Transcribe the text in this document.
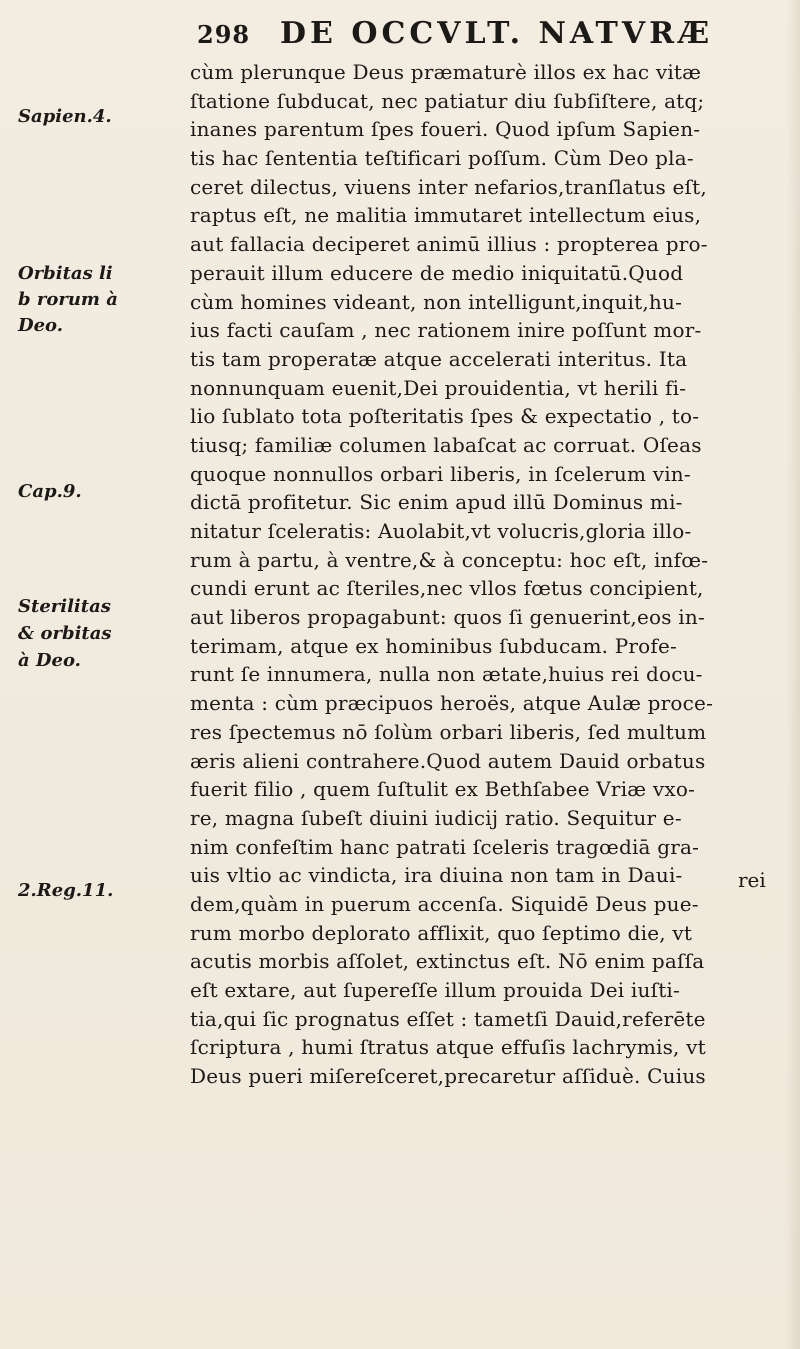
298 DE OCCVLT. NATVRÆ
Sapien.4.
Orbitas li
b rorum à
Deo.
Cap.9.
Sterilitas
& orbitas
à Deo.
2.Reg.11.
cùm plerunque Deus præmaturè illos ex hac vitæ
ſtatione ſubducat, nec patiatur diu ſubſiſtere, atq;
inanes parentum ſpes foueri. Quod ipſum Sapien-
tis hac ſententia teſtificari poſſum. Cùm Deo pla-
ceret dilectus, viuens inter nefarios,tranſlatus eſt,
raptus eſt, ne malitia immutaret intellectum eius,
aut fallacia deciperet animū illius : propterea pro-
perauit illum educere de medio iniquitatū.Quod
cùm homines videant, non intelligunt,inquit,hu-
ius facti cauſam , nec rationem inire poſſunt mor-
tis tam properatæ atque accelerati interitus. Ita
nonnunquam euenit,Dei prouidentia, vt herili fi-
lio ſublato tota poſteritatis ſpes & expectatio , to-
tiusq; familiæ columen labaſcat ac corruat. Oſeas
quoque nonnullos orbari liberis, in ſcelerum vin-
dictā profitetur. Sic enim apud illū Dominus mi-
nitatur ſceleratis: Auolabit,vt volucris,gloria illo-
rum à partu, à ventre,& à conceptu: hoc eſt, infœ-
cundi erunt ac ſteriles,nec vllos fœtus concipient,
aut liberos propagabunt: quos ſi genuerint,eos in-
terimam, atque ex hominibus ſubducam. Profe-
runt ſe innumera, nulla non ætate,huius rei docu-
menta : cùm præcipuos heroës, atque Aulæ proce-
res ſpectemus nō ſolùm orbari liberis, ſed multum
æris alieni contrahere.Quod autem Dauid orbatus
fuerit filio , quem ſuſtulit ex Bethſabee Vriæ vxo-
re, magna ſubeſt diuini iudicij ratio. Sequitur e-
nim confeſtim hanc patrati ſceleris tragœdiā gra-
uis vltio ac vindicta, ira diuina non tam in Daui-
dem,quàm in puerum accenſa. Siquidē Deus pue-
rum morbo deplorato afflixit, quo ſeptimo die, vt
acutis morbis aſſolet, extinctus eſt. Nō enim paſſa
eſt extare, aut ſupereſſe illum prouida Dei iuſti-
tia,qui ſic prognatus eſſet : tametſi Dauid,referēte
ſcriptura , humi ſtratus atque effuſis lachrymis, vt
Deus pueri miſereſceret,precaretur aſſiduè. Cuius
rei
